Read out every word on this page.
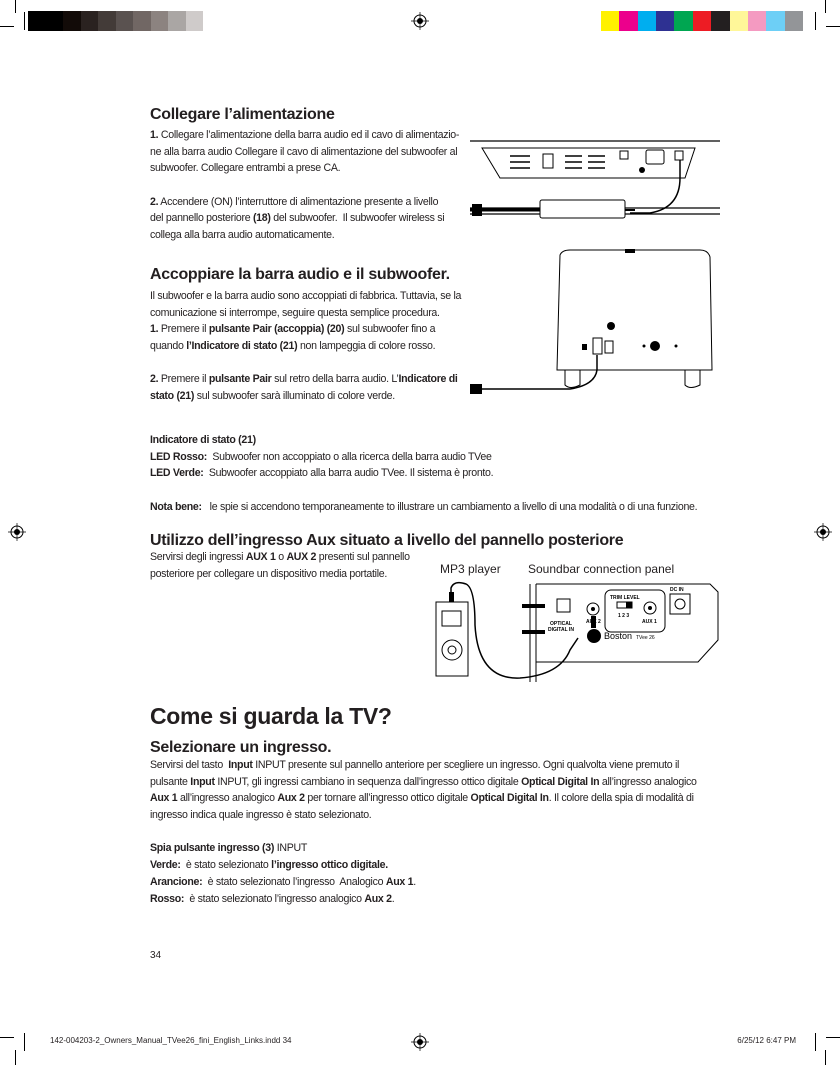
Collegare l’alimentazione
1. Collegare l’alimentazione della barra audio ed il cavo di alimentazio-
ne alla barra audio Collegare il cavo di alimentazione del subwoofer al
subwoofer. Collegare entrambi a prese CA.
2. Accendere (ON) l’interruttore di alimentazione presente a livello
del pannello posteriore (18) del subwoofer.  Il subwoofer wireless si
collega alla barra audio automaticamente.
Accoppiare la barra audio e il subwoofer.
Il subwoofer e la barra audio sono accoppiati di fabbrica. Tuttavia, se la
comunicazione si interrompe, seguire questa semplice procedura.
1. Premere il pulsante Pair (accoppia) (20) sul subwoofer fino a
quando l’Indicatore di stato (21) non lampeggia di colore rosso.
2. Premere il pulsante Pair sul retro della barra audio. L’Indicatore di
stato (21) sul subwoofer sarà illuminato di colore verde.
Indicatore di stato (21)
LED Rosso:  Subwoofer non accoppiato o alla ricerca della barra audio TVee
LED Verde:  Subwoofer accoppiato alla barra audio TVee. Il sistema è pronto.
Nota bene:   le spie si accendono temporaneamente to illustrare un cambiamento a livello di una modalità o di una funzione.
Utilizzo dell’ingresso Aux situato a livello del pannello posteriore
Servirsi degli ingressi AUX 1 o AUX 2 presenti sul pannello
posteriore per collegare un dispositivo media portatile.	MP3 player Soundbar connection panel
OPTICAL
DIGITAL IN
AUX 2
TRIM LEVEL
1 2 3
AUX 1
DC IN
Boston TVee 26
Come si guarda la TV?
Selezionare un ingresso.
Servirsi del tasto  Input INPUT presente sul pannello anteriore per scegliere un ingresso. Ogni qualvolta viene premuto il
pulsante Input INPUT, gli ingressi cambiano in sequenza dall’ingresso ottico digitale Optical Digital In all’ingresso analogico
Aux 1 all’ingresso analogico Aux 2 per tornare all’ingresso ottico digitale Optical Digital In. Il colore della spia di modalità di
ingresso indica quale ingresso è stato selezionato.
Spia pulsante ingresso (3) INPUT
Verde:  è stato selezionato l’ingresso ottico digitale.
Arancione:  è stato selezionato l’ingresso  Analogico Aux 1.
Rosso:  è stato selezionato l’ingresso analogico Aux 2.
34
142-004203-2_Owners_Manual_TVee26_fini_English_Links.indd 34	6/25/12 6:47 PM
